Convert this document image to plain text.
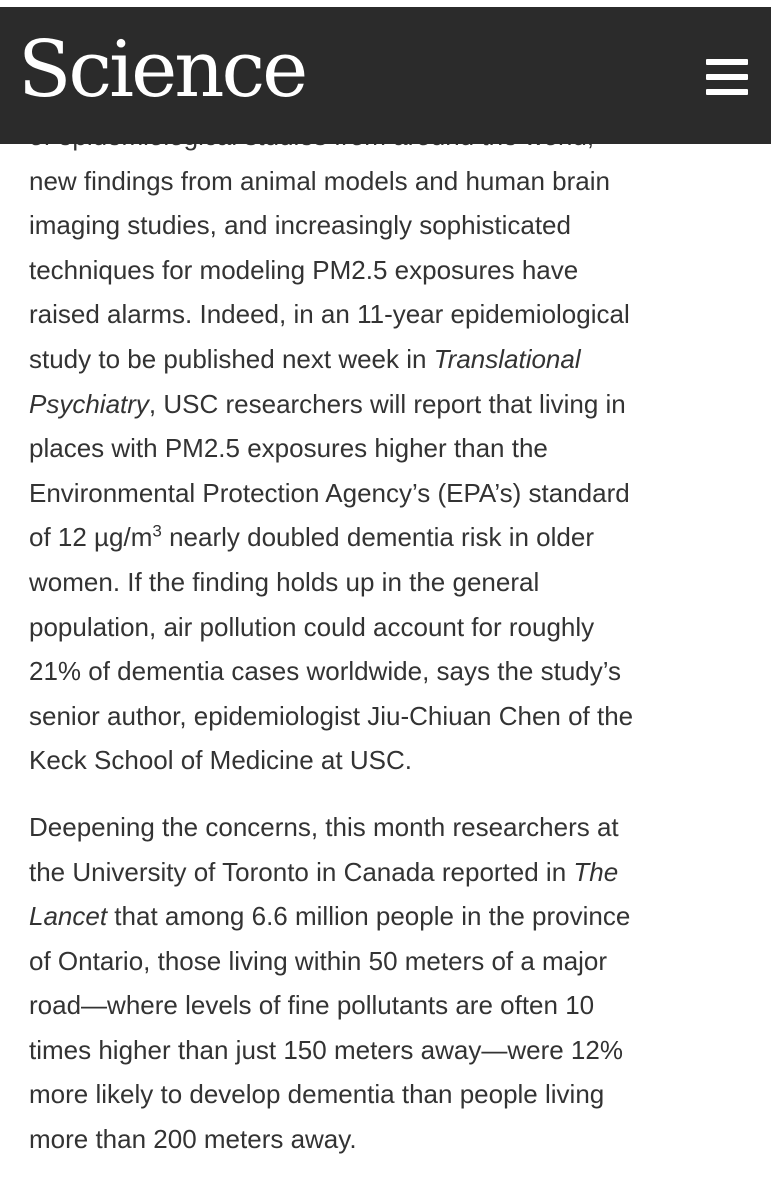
Science

new findings from animal models and human brain
imaging studies, and increasingly sophisticated
techniques for modeling PM2.5 exposures have
raised alarms. Indeed, in an 11-year epidemiological
study to be published next week in Translational
Psychiatry, USC researchers will report that living in
places with PM2.5 exposures higher than the
Environmental Protection Agency’s (EPA’s) standard
of 12 $\mu g/m^3$ nearly doubled dementia risk in older
women. If the finding holds up in the general
population, air pollution could account for roughly
21% of dementia cases worldwide, says the study’s
senior author, epidemiologist Jiu-Chiuan Chen of the
Keck School of Medicine at USC.

Deepening the concerns, this month researchers at
the University of Toronto in Canada reported in The
Lancet that among 6.6 million people in the province
of Ontario, those living within 50 meters of a major
road—where levels of fine pollutants are often 10
times higher than just 150 meters away—were 12%
more likely to develop dementia than people living
more than 200 meters away.
